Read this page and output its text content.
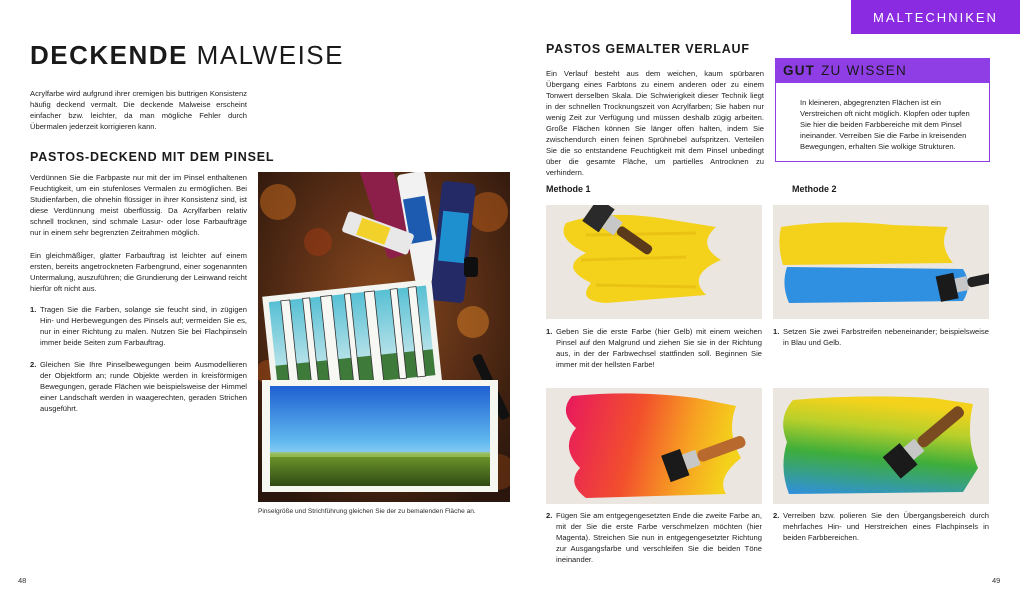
DECKENDE MALWEISE

Acrylfarbe wird aufgrund ihrer cremigen bis buttrigen Konsistenz häufig deckend vermalt. Die deckende Malweise erscheint einfacher bzw. leichter, da man mögliche Fehler durch Übermalen jederzeit korrigieren kann.

PASTOS-DECKEND MIT DEM PINSEL

Verdünnen Sie die Farbpaste nur mit der im Pinsel enthaltenen Feuchtigkeit, um ein stufenloses Vermalen zu ermöglichen. Bei Studienfarben, die ohnehin flüssiger in ihrer Konsistenz sind, ist diese Verdünnung meist überflüssig. Da Acrylfarben relativ schnell trocknen, sind schmale Lasur- oder lose Farbaufträge nur in einem sehr begrenzten Zeitrahmen möglich.

Ein gleichmäßiger, glatter Farbauftrag ist leichter auf einem ersten, bereits angetrockneten Farbengrund, einer sogenannten Untermalung, auszuführen; die Grundierung der Leinwand reicht hierfür oft nicht aus.

1. Tragen Sie die Farben, solange sie feucht sind, in zügigen Hin- und Herbewegungen des Pinsels auf; vermeiden Sie es, nur in einer Richtung zu malen. Nutzen Sie bei Flachpinseln immer beide Seiten zum Farbauftrag.
2. Gleichen Sie Ihre Pinselbewegungen beim Ausmodellieren der Objektform an; runde Objekte werden in kreisförmigen Bewegungen, gerade Flächen wie beispielsweise der Himmel einer Landschaft werden in waagerechten, geraden Strichen ausgeführt.
Pinselgröße und Strichführung gleichen Sie der zu bemalenden Fläche an.
48
MALTECHNIKEN
PASTOS GEMALTER VERLAUF

Ein Verlauf besteht aus dem weichen, kaum spürbaren Übergang eines Farbtons zu einem anderen oder zu einem Tonwert derselben Skala. Die Schwierigkeit dieser Technik liegt in der schnellen Trocknungszeit von Acrylfarben; Sie haben nur wenig Zeit zur Verfügung und müssen deshalb zügig arbeiten. Große Flächen können Sie länger offen halten, indem Sie zwischendurch einen feinen Sprühnebel aufspritzen. Verteilen Sie die so entstandene Feuchtigkeit mit dem Pinsel unbedingt über die gesamte Fläche, um partielles Antrocknen zu verhindern.

GUT ZU WISSEN

In kleineren, abgegrenzten Flächen ist ein Verstreichen oft nicht möglich. Klopfen oder tupfen Sie hier die beiden Farbbereiche mit dem Pinsel ineinander. Verreiben Sie die Farbe in kreisenden Bewegungen, erhalten Sie wolkige Strukturen.

Methode 1	Methode 2
1. Geben Sie die erste Farbe (hier Gelb) mit einem weichen Pinsel auf den Malgrund und ziehen Sie sie in der Richtung aus, in der der Farbwechsel stattfinden soll. Beginnen Sie immer mit der hellsten Farbe!
1. Setzen Sie zwei Farbstreifen nebeneinander; beispielsweise in Blau und Gelb.
2. Fügen Sie am entgegengesetzten Ende die zweite Farbe an, mit der Sie die erste Farbe verschmelzen möchten (hier Magenta). Streichen Sie nun in entgegengesetzter Richtung zur Ausgangsfarbe und verschleifen Sie die beiden Töne ineinander.
2. Verreiben bzw. polieren Sie den Übergangsbereich durch mehrfaches Hin- und Herstreichen eines Flachpinsels in beiden Farbbereichen.
49
